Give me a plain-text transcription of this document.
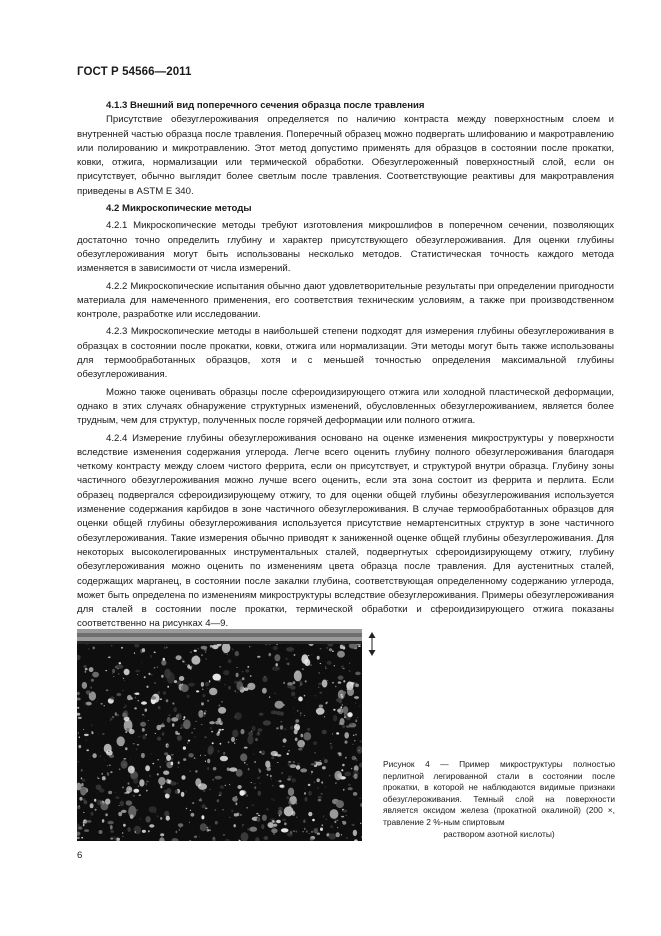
ГОСТ Р 54566—2011
4.1.3 Внешний вид поперечного сечения образца после травления

Присутствие обезуглероживания определяется по наличию контраста между поверхностным слоем и внутренней частью образца после травления. Поперечный образец можно подвергать шлифованию и макротравлению или полированию и микротравлению. Этот метод допустимо применять для образцов в состоянии после прокатки, ковки, отжига, нормализации или термической обработки. Обезуглероженный поверхностный слой, если он присутствует, обычно выглядит более светлым после травления. Соответствующие реактивы для макротравления приведены в ASTM E 340.

4.2 Микроскопические методы

4.2.1 Микроскопические методы требуют изготовления микрошлифов в поперечном сечении, позволяющих достаточно точно определить глубину и характер присутствующего обезуглероживания. Для оценки глубины обезуглероживания могут быть использованы несколько методов. Статистическая точность каждого метода изменяется в зависимости от числа измерений.

4.2.2 Микроскопические испытания обычно дают удовлетворительные результаты при определении пригодности материала для намеченного применения, его соответствия техническим условиям, а также при производственном контроле, разработке или исследовании.

4.2.3 Микроскопические методы в наибольшей степени подходят для измерения глубины обезуглероживания в образцах в состоянии после прокатки, ковки, отжига или нормализации. Эти методы могут быть также использованы для термообработанных образцов, хотя и с меньшей точностью определения максимальной глубины обезуглероживания.

Можно также оценивать образцы после сфероидизирующего отжига или холодной пластической деформации, однако в этих случаях обнаружение структурных изменений, обусловленных обезуглероживанием, является более трудным, чем для структур, полученных после горячей деформации или полного отжига.

4.2.4 Измерение глубины обезуглероживания основано на оценке изменения микроструктуры у поверхности вследствие изменения содержания углерода. Легче всего оценить глубину полного обезуглероживания благодаря четкому контрасту между слоем чистого феррита, если он присутствует, и структурой внутри образца. Глубину зоны частичного обезуглероживания можно лучше всего оценить, если эта зона состоит из феррита и перлита. Если образец подвергался сфероидизирующему отжигу, то для оценки общей глубины обезуглероживания используется изменение содержания карбидов в зоне частичного обезуглероживания. В случае термообработанных образцов для оценки общей глубины обезуглероживания используется присутствие немартенситных структур в зоне частичного обезуглероживания. Такие измерения обычно приводят к заниженной оценке общей глубины обезуглероживания. Для некоторых высоколегированных инструментальных сталей, подвергнутых сфероидизирующему отжигу, глубину обезуглероживания можно оценить по изменениям цвета образца после травления. Для аустенитных сталей, содержащих марганец, в состоянии после закалки глубина, соответствующая определенному содержанию углерода, может быть определена по изменениям микроструктуры вследствие обезуглероживания. Примеры обезуглероживания для сталей в состоянии после прокатки, термической обработки и сфероидизирующего отжига показаны соответственно на рисунках 4—9.

Рисунок 4 — Пример микроструктуры полностью перлитной легированной стали в состоянии после прокатки, в которой не наблюдаются видимые признаки обезуглероживания. Темный слой на поверхности является оксидом железа (прокатной окалиной) (200 ×, травление 2 %-ным спиртовым
раствором азотной кислоты)
6
